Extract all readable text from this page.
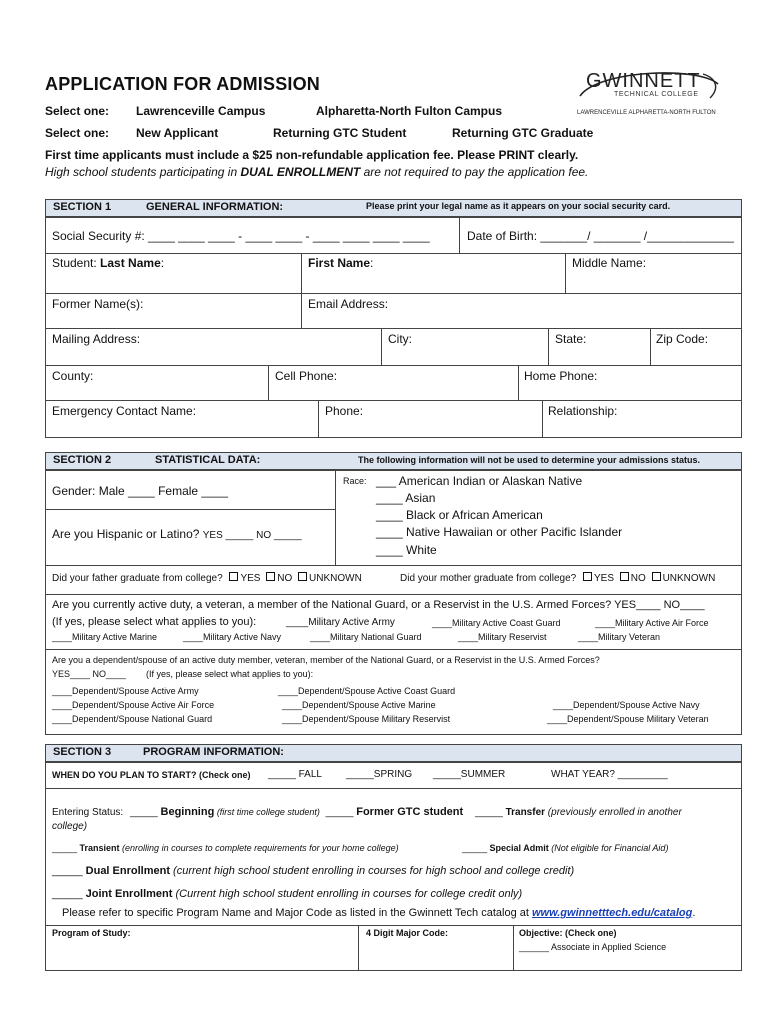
APPLICATION FOR ADMISSION	GWINNETT
TECHNICAL COLLEGE
LAWRENCEVILLE ALPHARETTA-NORTH FULTON
Select one: Lawrenceville Campus	Alpharetta-North Fulton Campus
Select one: New Applicant	Returning GTC Student	Returning GTC Graduate
First time applicants must include a $25 non-refundable application fee. Please PRINT clearly.
High school students participating in DUAL ENROLLMENT are not required to pay the application fee.
SECTION 1	GENERAL INFORMATION:	Please print your legal name as it appears on your social security card.
Social Security #: ____ ____ ____ - ____ ____ - ____ ____ ____ ____	Date of Birth: _______/ _______ /_____________
Student: Last Name:	First Name:	Middle Name:
Former Name(s):	Email Address:
Mailing Address:	City:	State:	Zip Code:
County:	Cell Phone:	Home Phone:
Emergency Contact Name:	Phone:	Relationship:
SECTION 2	STATISTICAL DATA:	The following information will not be used to determine your admissions status.
Gender: Male ____ Female ____
Are you Hispanic or Latino? YES _____ NO _____
Race: ___ American Indian or Alaskan Native
____ Asian
____ Black or African American
____ Native Hawaiian or other Pacific Islander
____ White
Did your father graduate from college? YES NO UNKNOWN	Did your mother graduate from college? YES NO UNKNOWN
Are you currently active duty, a veteran, a member of the National Guard, or a Reservist in the U.S. Armed Forces? YES____ NO____
(If yes, please select what applies to you):	____Military Active Army	____Military Active Coast Guard	____Military Active Air Force
____Military Active Marine	____Military Active Navy	____Military National Guard	____Military Reservist	____Military Veteran
Are you a dependent/spouse of an active duty member, veteran, member of the National Guard, or a Reservist in the U.S. Armed Forces?
YES____ NO____ (If yes, please select what applies to you):
____Dependent/Spouse Active Army	____Dependent/Spouse Active Coast Guard
____Dependent/Spouse Active Air Force	____Dependent/Spouse Active Marine	____Dependent/Spouse Active Navy
____Dependent/Spouse National Guard	____Dependent/Spouse Military Reservist	____Dependent/Spouse Military Veteran
SECTION 3	PROGRAM INFORMATION:
WHEN DO YOU PLAN TO START? (Check one) _____ FALL _____SPRING _____SUMMER	WHAT YEAR? _________
Entering Status: _____ Beginning (first time college student) _____ Former GTC student _____ Transfer (previously enrolled in another
college)
_____ Transient (enrolling in courses to complete requirements for your home college)	_____ Special Admit (Not eligible for Financial Aid)
_____ Dual Enrollment (current high school student enrolling in courses for high school and college credit)
_____ Joint Enrollment (Current high school student enrolling in courses for college credit only)
Please refer to specific Program Name and Major Code as listed in the Gwinnett Tech catalog at www.gwinnetttech.edu/catalog.
Program of Study:	4 Digit Major Code:	Objective: (Check one)
______ Associate in Applied Science
